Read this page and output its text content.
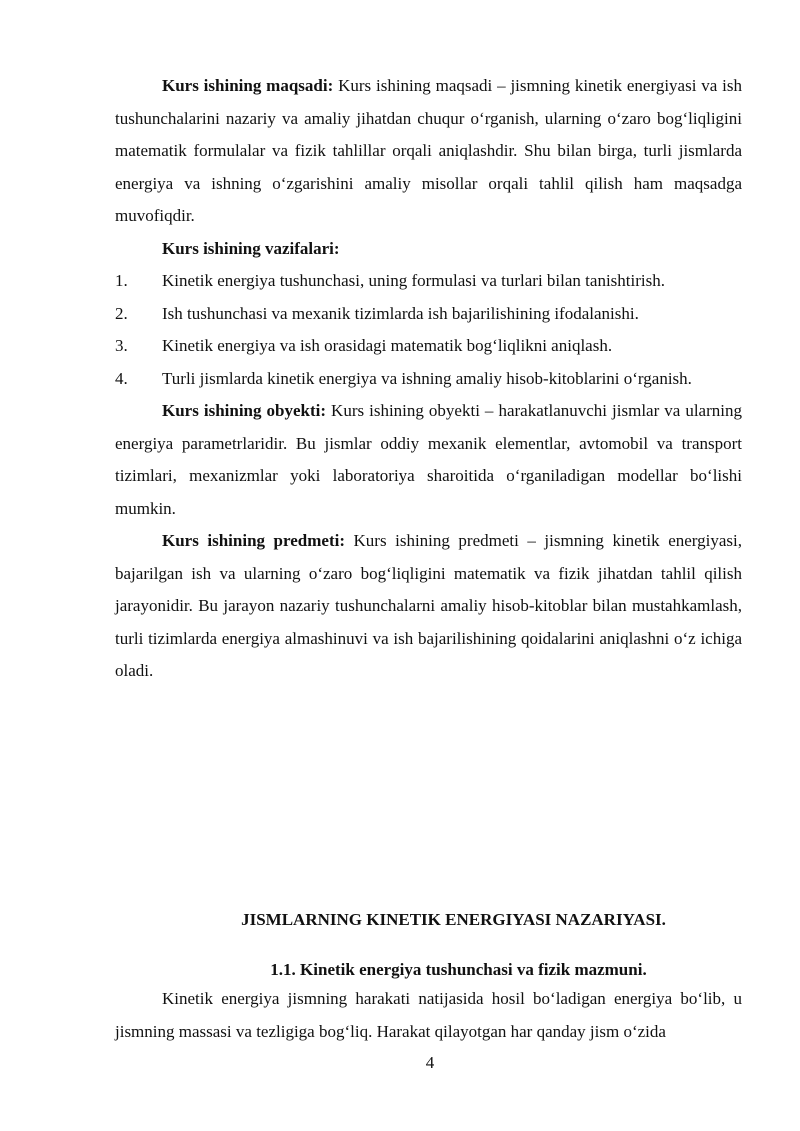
Kurs ishining maqsadi: Kurs ishining maqsadi – jismning kinetik energiyasi va ish tushunchalarini nazariy va amaliy jihatdan chuqur o‘rganish, ularning o‘zaro bog‘liqligini matematik formulalar va fizik tahlillar orqali aniqlashdir. Shu bilan birga, turli jismlarda energiya va ishning o‘zgarishini amaliy misollar orqali tahlil qilish ham maqsadga muvofiqdir.

Kurs ishining vazifalari:

1. Kinetik energiya tushunchasi, uning formulasi va turlari bilan tanishtirish.
2. Ish tushunchasi va mexanik tizimlarda ish bajarilishining ifodalanishi.
3. Kinetik energiya va ish orasidagi matematik bog‘liqlikni aniqlash.
4. Turli jismlarda kinetik energiya va ishning amaliy hisob-kitoblarini o‘rganish.

Kurs ishining obyekti: Kurs ishining obyekti – harakatlanuvchi jismlar va ularning energiya parametrlaridir. Bu jismlar oddiy mexanik elementlar, avtomobil va transport tizimlari, mexanizmlar yoki laboratoriya sharoitida o‘rganiladigan modellar bo‘lishi mumkin.

Kurs ishining predmeti: Kurs ishining predmeti – jismning kinetik energiyasi, bajarilgan ish va ularning o‘zaro bog‘liqligini matematik va fizik jihatdan tahlil qilish jarayonidir. Bu jarayon nazariy tushunchalarni amaliy hisob-kitoblar bilan mustahkamlash, turli tizimlarda energiya almashinuvi va ish bajarilishining qoidalarini aniqlashni o‘z ichiga oladi.

JISMLARNING KINETIK ENERGIYASI NAZARIYASI.
1.1. Kinetik energiya tushunchasi va fizik mazmuni.

Kinetik energiya jismning harakati natijasida hosil bo‘ladigan energiya bo‘lib, u jismning massasi va tezligiga bog‘liq. Harakat qilayotgan har qanday jism o‘zida

4
